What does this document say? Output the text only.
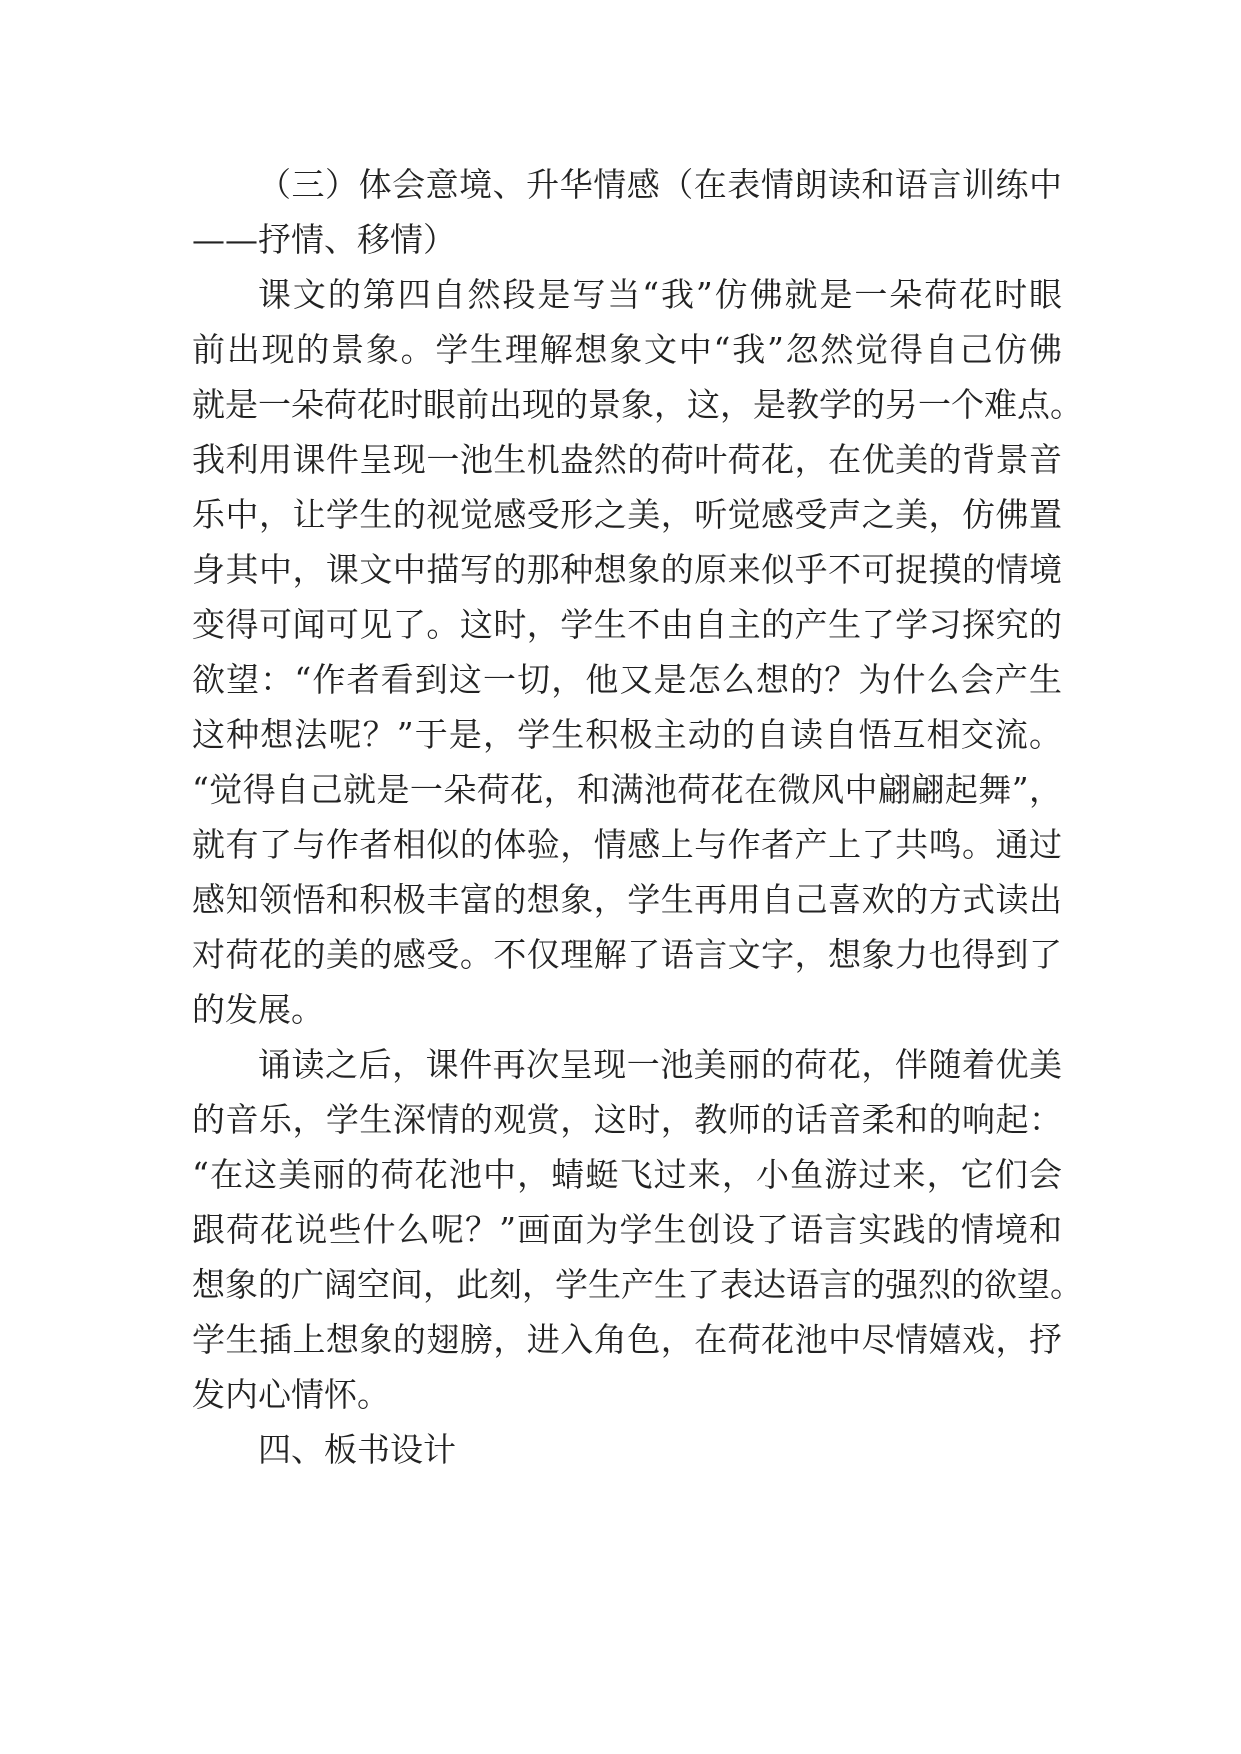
（三）体会意境、升华情感（在表情朗读和语言训练中
——抒情、移情）
课文的第四自然段是写当“我”仿佛就是一朵荷花时眼
前出现的景象。学生理解想象文中“我”忽然觉得自己仿佛
就是一朵荷花时眼前出现的景象，这，是教学的另一个难点。
我利用课件呈现一池生机盎然的荷叶荷花，在优美的背景音
乐中，让学生的视觉感受形之美，听觉感受声之美，仿佛置
身其中，课文中描写的那种想象的原来似乎不可捉摸的情境
变得可闻可见了。这时，学生不由自主的产生了学习探究的
欲望：“作者看到这一切，他又是怎么想的？为什么会产生
这种想法呢？”于是，学生积极主动的自读自悟互相交流。
“觉得自己就是一朵荷花，和满池荷花在微风中翩翩起舞”，
就有了与作者相似的体验，情感上与作者产上了共鸣。通过
感知领悟和积极丰富的想象，学生再用自己喜欢的方式读出
对荷花的美的感受。不仅理解了语言文字，想象力也得到了
的发展。
诵读之后，课件再次呈现一池美丽的荷花，伴随着优美
的音乐，学生深情的观赏，这时，教师的话音柔和的响起：
“在这美丽的荷花池中，蜻蜓飞过来，小鱼游过来，它们会
跟荷花说些什么呢？”画面为学生创设了语言实践的情境和
想象的广阔空间，此刻，学生产生了表达语言的强烈的欲望。
学生插上想象的翅膀，进入角色，在荷花池中尽情嬉戏，抒
发内心情怀。
四、板书设计
